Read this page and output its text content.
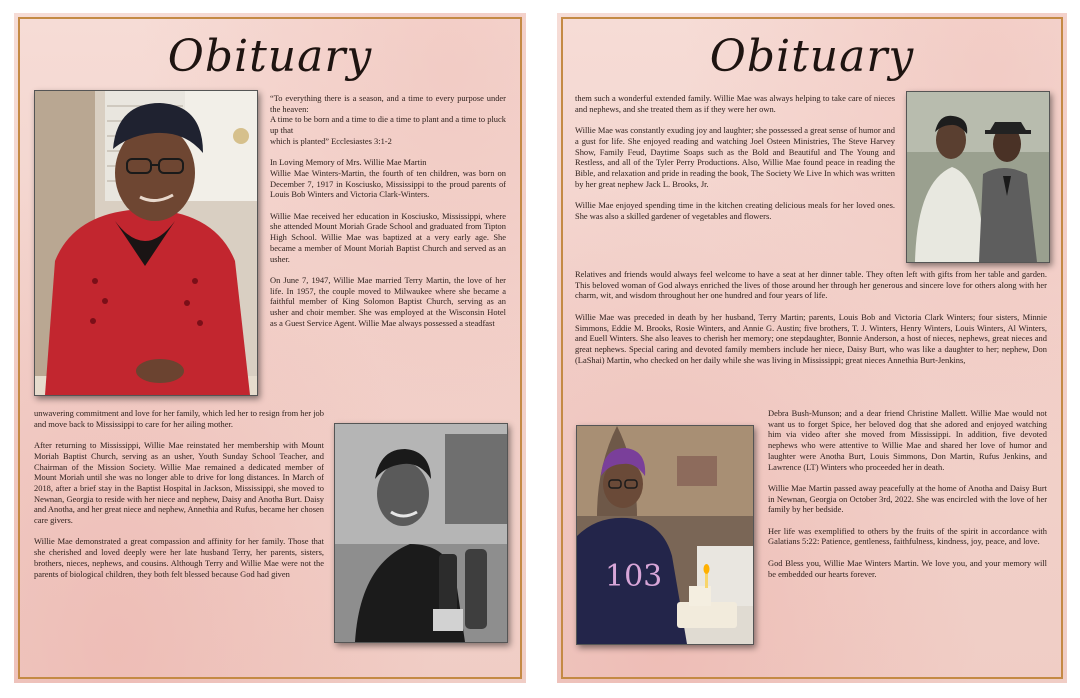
Obituary

“To everything there is a season, and a time to every purpose under the heaven:
A time to be born and a time to die a time to plant and a time to pluck up that
which is planted” Ecclesiastes 3:1-2

In Loving Memory of Mrs. Willie Mae Martin
Willie Mae Winters-Martin, the fourth of ten children, was born on December 7, 1917 in Kosciusko, Mississippi to the proud parents of Louis Bob Winters and Victoria Clark-Winters.

Willie Mae received her education in Kosciusko, Mississippi, where she attended Mount Moriah Grade School and graduated from Tipton High School. Willie Mae was baptized at a very early age. She became a member of Mount Moriah Baptist Church and served as an usher.

On June 7, 1947, Willie Mae married Terry Martin, the love of her life. In 1957, the couple moved to Milwaukee where she became a faithful member of King Solomon Baptist Church, serving as an usher and choir member. She was employed at the Wisconsin Hotel as a Guest Service Agent. Willie Mae always possessed a steadfast

unwavering commitment and love for her family, which led her to resign from her job and move back to Mississippi to care for her ailing mother.

After returning to Mississippi, Willie Mae reinstated her membership with Mount Moriah Baptist Church, serving as an usher, Youth Sunday School Teacher, and Chairman of the Mission Society. Willie Mae remained a dedicated member of Mount Moriah until she was no longer able to drive for long distances. In March of 2018, after a brief stay in the Baptist Hospital in Jackson, Mississippi, she moved to Newnan, Georgia to reside with her niece and nephew, Daisy and Anotha Burt. Daisy and Anotha, and her great niece and nephew, Annethia and Rufus, became her chosen care givers.

Willie Mae demonstrated a great compassion and affinity for her family. Those that she cherished and loved deeply were her late husband Terry, her parents, sisters, brothers, nieces, nephews, and cousins. Although Terry and Willie Mae were not the parents of biological children, they both felt blessed because God had given

Obituary

them such a wonderful extended family. Willie Mae was always helping to take care of nieces and nephews, and she treated them as if they were her own.

Willie Mae was constantly exuding joy and laughter; she possessed a great sense of humor and a gust for life. She enjoyed reading and watching Joel Osteen Ministries, The Steve Harvey Show, Family Feud, Daytime Soaps such as the Bold and Beautiful and The Young and Restless, and all of the Tyler Perry Productions. Also, Willie Mae found peace in reading the Bible, and relaxation and pride in reading the book, The Society We Live In which was written by her great nephew Jack L. Brooks, Jr.

Willie Mae enjoyed spending time in the kitchen creating delicious meals for her loved ones. She was also a skilled gardener of vegetables and flowers.

Relatives and friends would always feel welcome to have a seat at her dinner table. They often left with gifts from her table and garden. This beloved woman of God always enriched the lives of those around her through her generous and sincere love for others along with her charm, wit, and wisdom throughout her one hundred and four years of life.

Willie Mae was preceded in death by her husband, Terry Martin; parents, Louis Bob and Victoria Clark Winters; four sisters, Minnie Simmons, Eddie M. Brooks, Rosie Winters, and Annie G. Austin; five brothers, T. J. Winters, Henry Winters, Louis Winters, Al Winters, and Euell Winters. She also leaves to cherish her memory; one stepdaughter, Bonnie Anderson, a host of nieces, nephews, great nieces and great nephews. Special caring and devoted family members include her niece, Daisy Burt, who was like a daughter to her; nephew, Don (LaShai) Martin, who checked on her daily while she was living in Mississippi; great nieces Annethia Burt-Jenkins,

103

Debra Bush-Munson; and a dear friend Christine Mallett. Willie Mae would not want us to forget Spice, her beloved dog that she adored and enjoyed watching him via video after she moved from Mississippi. In addition, five devoted nephews who were attentive to Willie Mae and shared her love of humor and laughter were Anotha Burt, Louis Simmons, Don Martin, Rufus Jenkins, and Lawrence (LT) Winters who proceeded her in death.

Willie Mae Martin passed away peacefully at the home of Anotha and Daisy Burt in Newnan, Georgia on October 3rd, 2022. She was encircled with the love of her family by her bedside.

Her life was exemplified to others by the fruits of the spirit in accordance with Galatians 5:22: Patience, gentleness, faithfulness, kindness, joy, peace, and love.

God Bless you, Willie Mae Winters Martin. We love you, and your memory will be embedded our hearts forever.
